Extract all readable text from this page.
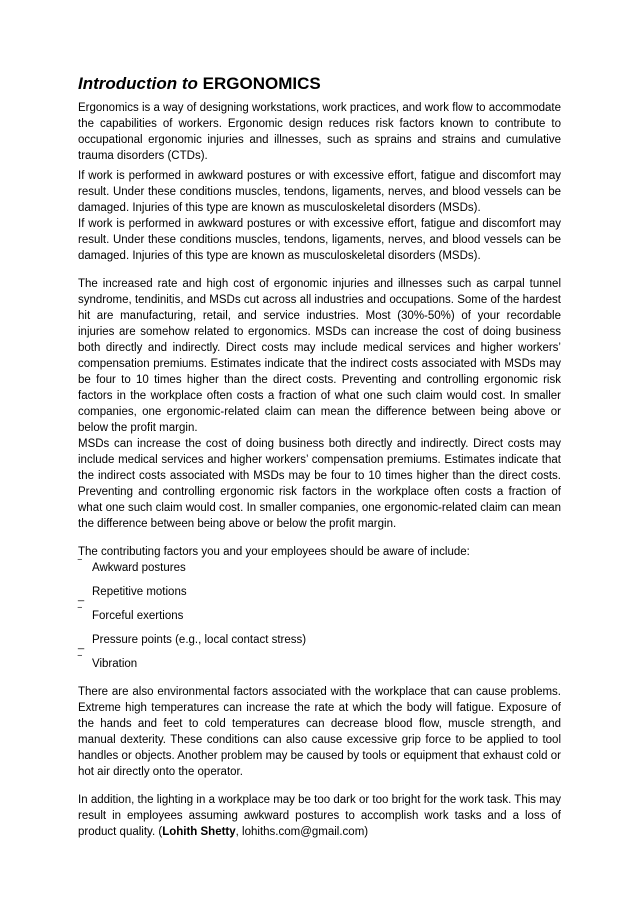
Introduction to ERGONOMICS

Ergonomics is a way of designing workstations, work practices, and work flow to accommodate the capabilities of workers. Ergonomic design reduces risk factors known to contribute to occupational ergonomic injuries and illnesses, such as sprains and strains and cumulative trauma disorders (CTDs).

If work is performed in awkward postures or with excessive effort, fatigue and discomfort may result. Under these conditions muscles, tendons, ligaments, nerves, and blood vessels can be damaged. Injuries of this type are known as musculoskeletal disorders (MSDs).

If work is performed in awkward postures or with excessive effort, fatigue and discomfort may result. Under these conditions muscles, tendons, ligaments, nerves, and blood vessels can be damaged. Injuries of this type are known as musculoskeletal disorders (MSDs).

The increased rate and high cost of ergonomic injuries and illnesses such as carpal tunnel syndrome, tendinitis, and MSDs cut across all industries and occupations. Some of the hardest hit are manufacturing, retail, and service industries. Most (30%-50%) of your recordable injuries are somehow related to ergonomics. MSDs can increase the cost of doing business both directly and indirectly. Direct costs may include medical services and higher workers’ compensation premiums. Estimates indicate that the indirect costs associated with MSDs may be four to 10 times higher than the direct costs. Preventing and controlling ergonomic risk factors in the workplace often costs a fraction of what one such claim would cost. In smaller companies, one ergonomic-related claim can mean the difference between being above or below the profit margin.

MSDs can increase the cost of doing business both directly and indirectly. Direct costs may include medical services and higher workers’ compensation premiums. Estimates indicate that the indirect costs associated with MSDs may be four to 10 times higher than the direct costs. Preventing and controlling ergonomic risk factors in the workplace often costs a fraction of what one such claim would cost. In smaller companies, one ergonomic-related claim can mean the difference between being above or below the profit margin.

The contributing factors you and your employees should be aware of include:

‾ Awkward postures
_ Repetitive motions
‾ Forceful exertions
_ Pressure points (e.g., local contact stress)
‾ Vibration

There are also environmental factors associated with the workplace that can cause problems. Extreme high temperatures can increase the rate at which the body will fatigue. Exposure of the hands and feet to cold temperatures can decrease blood flow, muscle strength, and manual dexterity. These conditions can also cause excessive grip force to be applied to tool handles or objects. Another problem may be caused by tools or equipment that exhaust cold or hot air directly onto the operator.

In addition, the lighting in a workplace may be too dark or too bright for the work task. This may result in employees assuming awkward postures to accomplish work tasks and a loss of product quality. (Lohith Shetty, lohiths.com@gmail.com)
